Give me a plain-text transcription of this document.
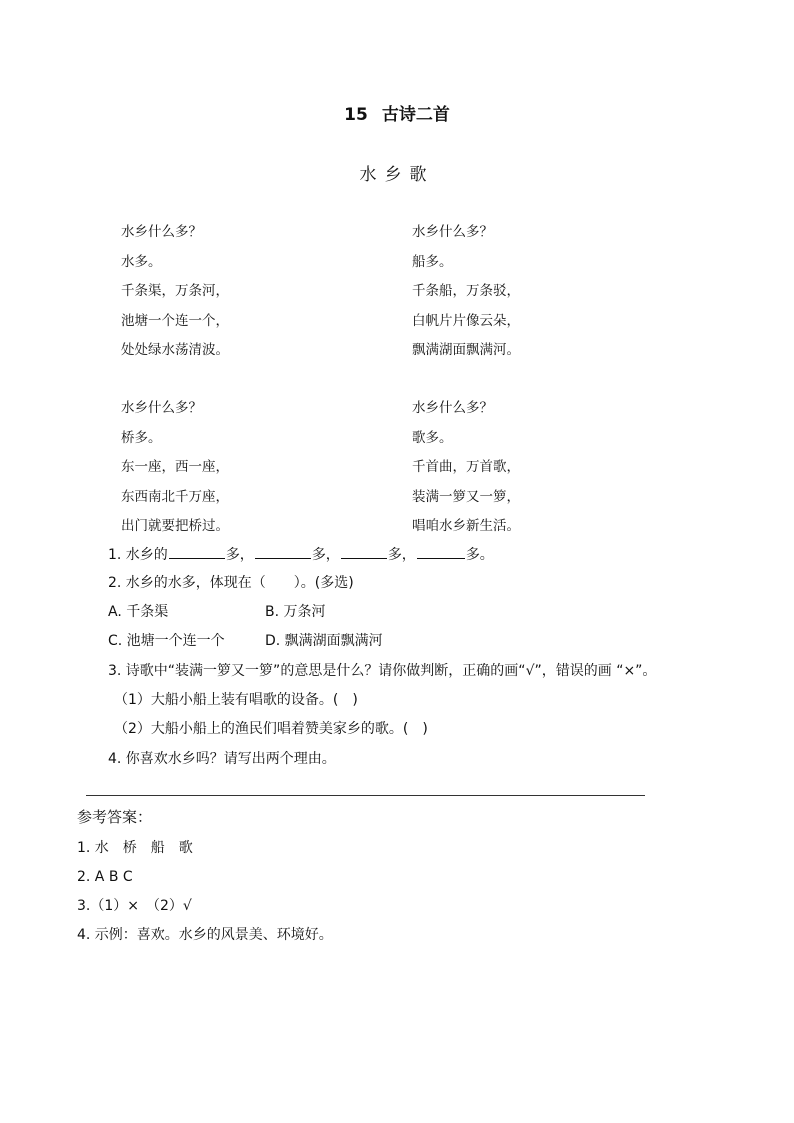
15 古诗二首
水乡歌
水乡什么多？
水多。
千条渠，万条河，
池塘一个连一个，
处处绿水荡清波。
水乡什么多？
船多。
千条船，万条驳，
白帆片片像云朵，
飘满湖面飘满河。
水乡什么多？
桥多。
东一座，西一座，
东西南北千万座，
出门就要把桥过。
水乡什么多？
歌多。
千首曲，万首歌，
装满一箩又一箩，
唱咱水乡新生活。
1. 水乡的	多，	多，	多，	多。
2. 水乡的水多，体现在（　　）。(多选)
A. 千条渠	B. 万条河
C. 池塘一个连一个	D. 飘满湖面飘满河
3. 诗歌中“装满一箩又一箩”的意思是什么？请你做判断，正确的画“√”，错误的画 “×”。
（1）大船小船上装有唱歌的设备。(　)
（2）大船小船上的渔民们唱着赞美家乡的歌。(　)
4. 你喜欢水乡吗？请写出两个理由。
参考答案：
1. 水　桥　船　歌
2. A B C
3.（1）×　（2）√
4. 示例：喜欢。水乡的风景美、环境好。
